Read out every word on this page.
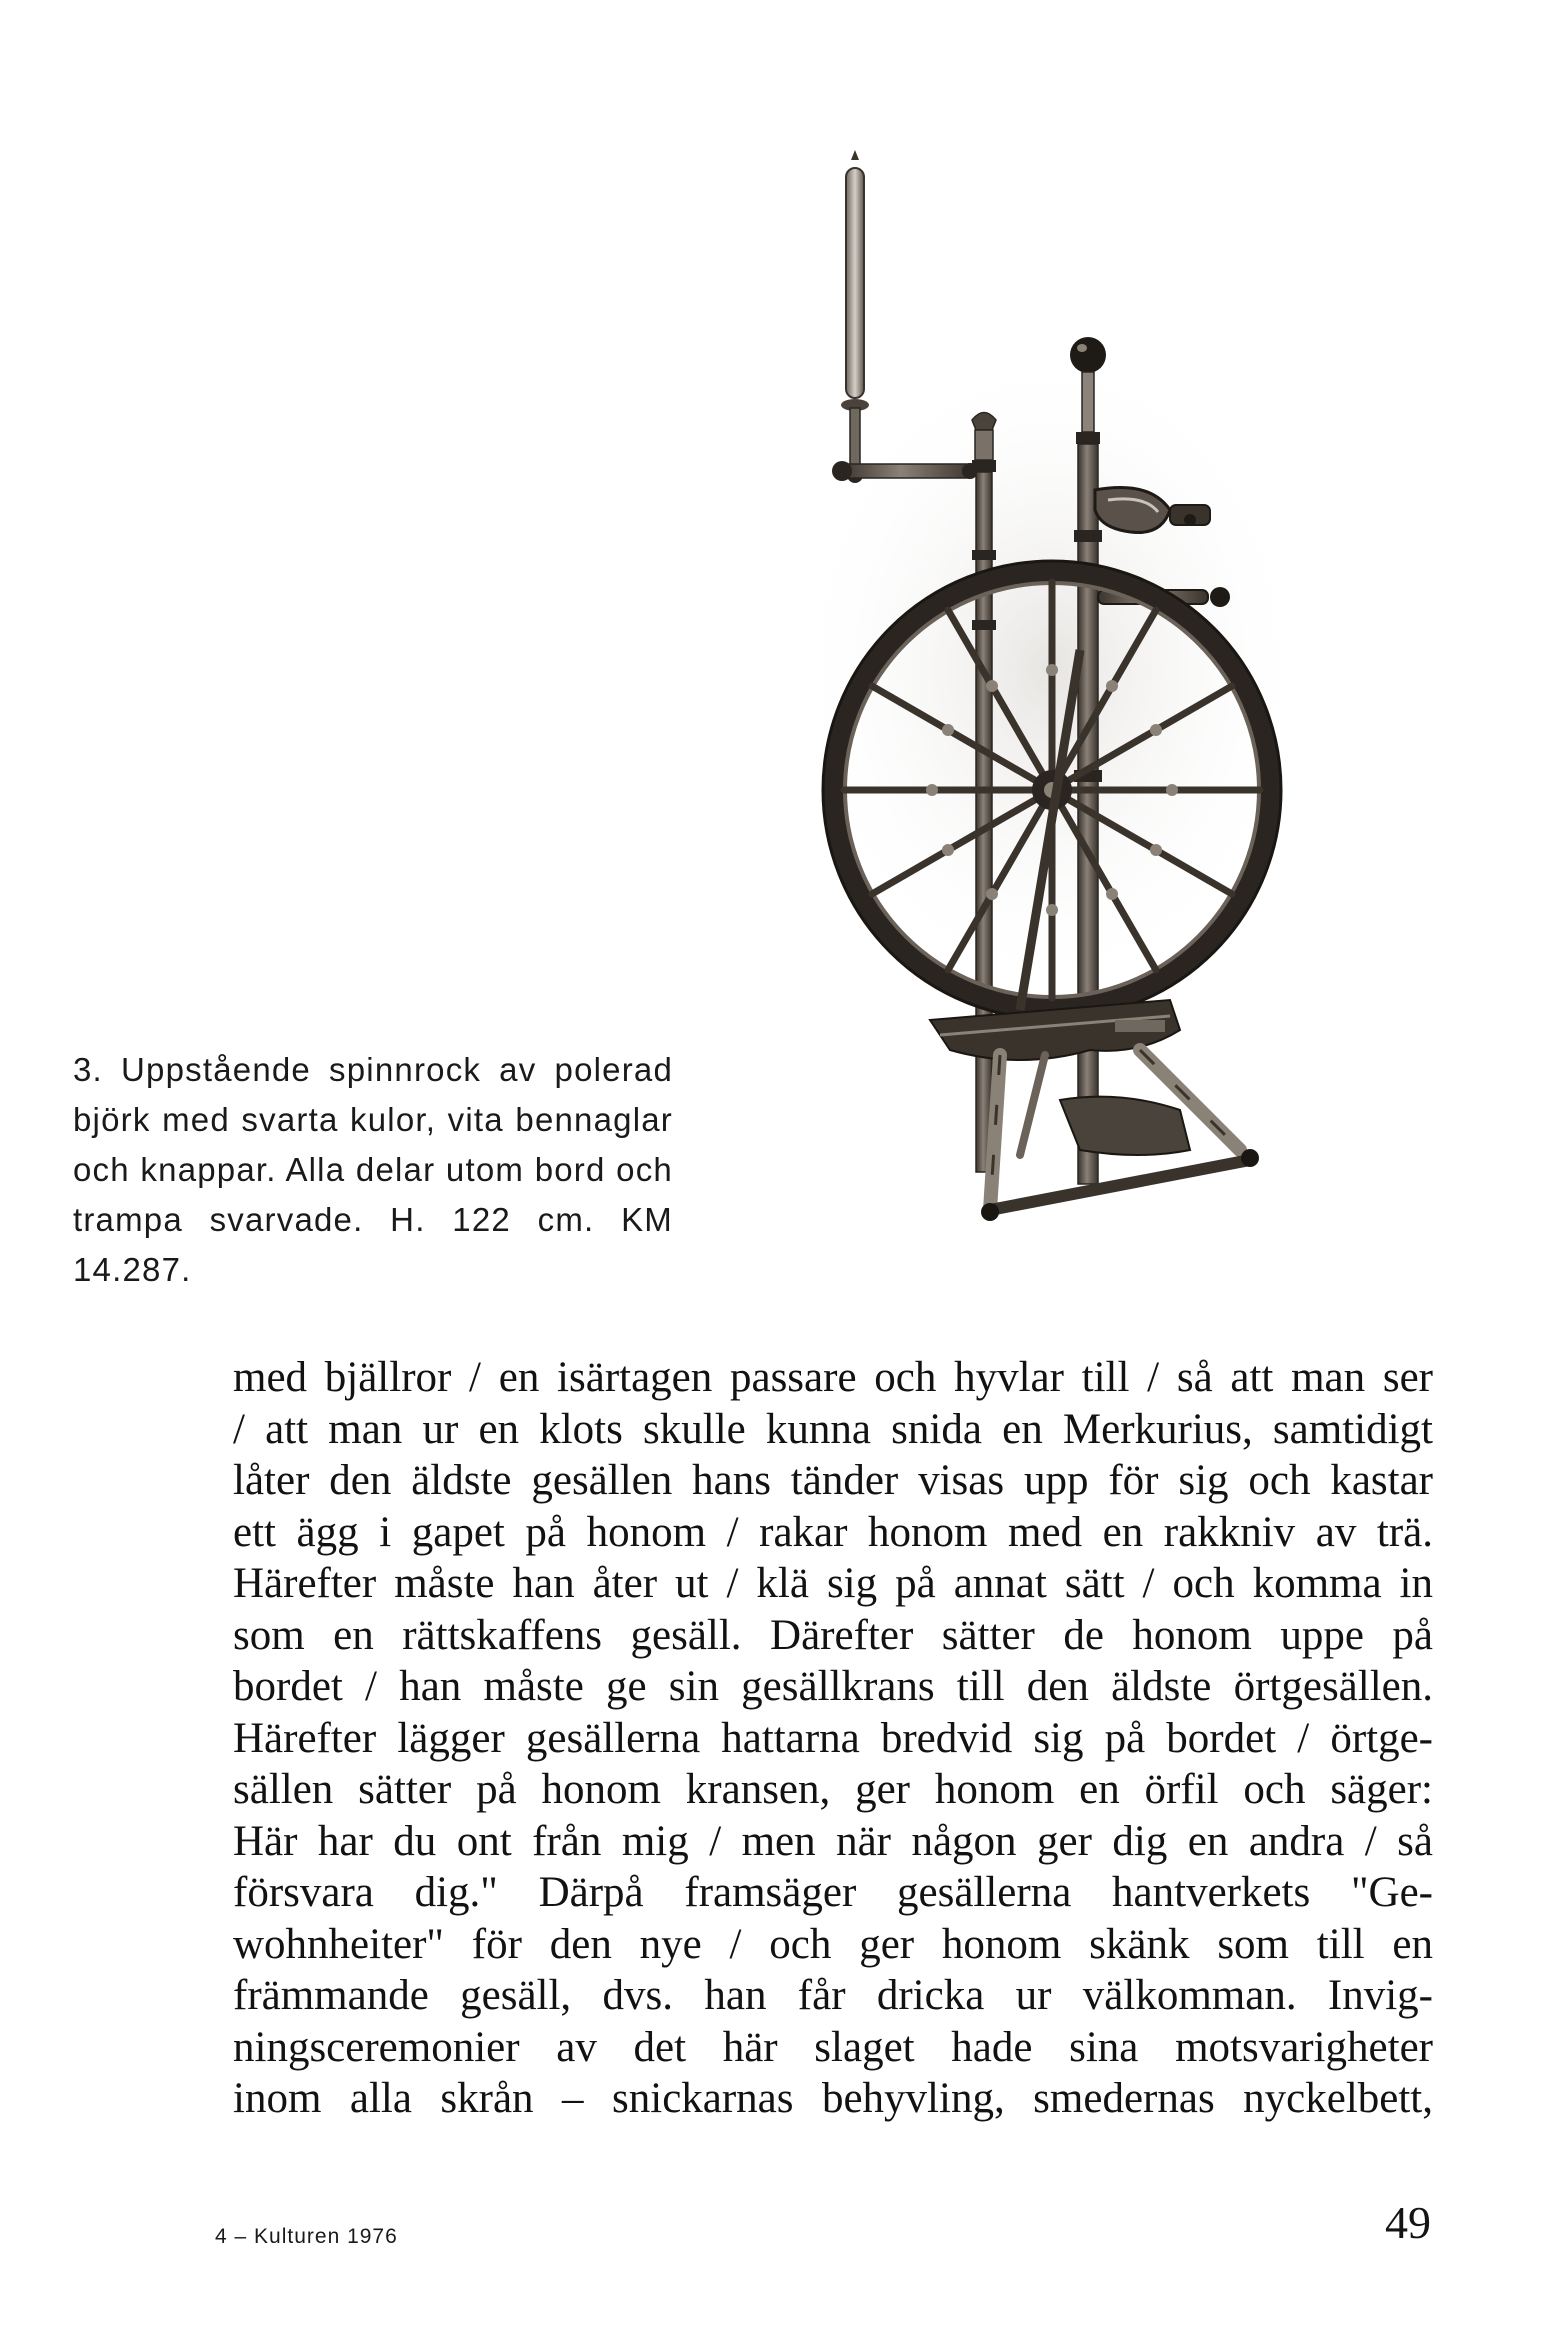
3. Uppstående spinnrock av polerad
björk med svarta kulor, vita bennaglar
och knappar. Alla delar utom bord och
trampa svarvade. H. 122 cm. KM
14.287.
med bjällror / en isärtagen passare och hyvlar till / så att man ser
/ att man ur en klots skulle kunna snida en Merkurius, samtidigt
låter den äldste gesällen hans tänder visas upp för sig och kastar
ett ägg i gapet på honom / rakar honom med en rakkniv av trä.
Härefter måste han åter ut / klä sig på annat sätt / och komma in
som en rättskaffens gesäll. Därefter sätter de honom uppe på
bordet / han måste ge sin gesällkrans till den äldste örtgesällen.
Härefter lägger gesällerna hattarna bredvid sig på bordet / örtge-
sällen sätter på honom kransen, ger honom en örfil och säger:
Här har du ont från mig / men när någon ger dig en andra / så
försvara dig." Därpå framsäger gesällerna hantverkets "Ge-
wohnheiter" för den nye / och ger honom skänk som till en
främmande gesäll, dvs. han får dricka ur välkomman. Invig-
ningsceremonier av det här slaget hade sina motsvarigheter
inom alla skrån – snickarnas behyvling, smedernas nyckelbett,
4 – Kulturen 1976	49
